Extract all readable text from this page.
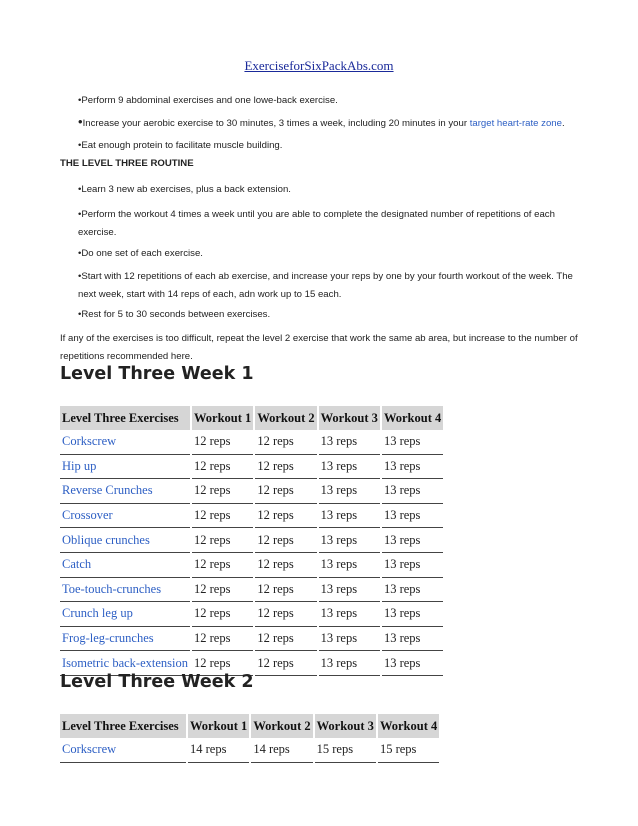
ExerciseforSixPackAbs.com

•Perform 9 abdominal exercises and one lowe-back exercise.

•Increase your aerobic exercise to 30 minutes, 3 times a week, including 20 minutes in your target heart-rate zone.

•Eat enough protein to facilitate muscle building.

THE LEVEL THREE ROUTINE

•Learn 3 new ab exercises, plus a back extension.

•Perform the workout 4 times a week until you are able to complete the designated number of repetitions of each exercise.

•Do one set of each exercise.

•Start with 12 repetitions of each ab exercise, and increase your reps by one by your fourth workout of the week. The next week, start with 14 reps of each, adn work up to 15 each.

•Rest for 5 to 30 seconds between exercises.

If any of the exercises is too difficult, repeat the level 2 exercise that work the same ab area, but increase to the number of repetitions recommended here.

Level Three Week 1
Level Three Exercises	Workout 1	Workout 2	Workout 3	Workout 4
Corkscrew	12 reps	12 reps	13 reps	13 reps
Hip up	12 reps	12 reps	13 reps	13 reps
Reverse Crunches	12 reps	12 reps	13 reps	13 reps
Crossover	12 reps	12 reps	13 reps	13 reps
Oblique crunches	12 reps	12 reps	13 reps	13 reps
Catch	12 reps	12 reps	13 reps	13 reps
Toe-touch-crunches	12 reps	12 reps	13 reps	13 reps
Crunch leg up	12 reps	12 reps	13 reps	13 reps
Frog-leg-crunches	12 reps	12 reps	13 reps	13 reps
Isometric back-extension	12 reps	12 reps	13 reps	13 reps
Level Three Week 2
Level Three Exercises	Workout 1	Workout 2	Workout 3	Workout 4
Corkscrew	14 reps	14 reps	15 reps	15 reps
